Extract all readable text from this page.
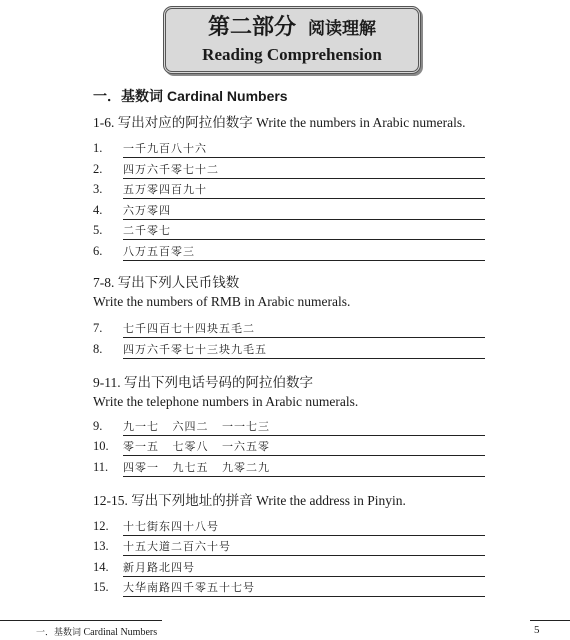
第二部分 阅读理解
Reading Comprehension
一．基数词 Cardinal Numbers
1-6. 写出对应的阿拉伯数字 Write the numbers in Arabic numerals.
1. 一千九百八十六
2. 四万六千零七十二
3. 五万零四百九十
4. 六万零四
5. 二千零七
6. 八万五百零三
7-8. 写出下列人民币钱数
Write the numbers of RMB in Arabic numerals.
7. 七千四百七十四块五毛二
8. 四万六千零七十三块九毛五
9-11. 写出下列电话号码的阿拉伯数字
Write the telephone numbers in Arabic numerals.
9. 九一七   六四二   一一七三
10. 零一五   七零八   一六五零
11. 四零一   九七五   九零二九
12-15. 写出下列地址的拼音 Write the address in Pinyin.
12. 十七街东四十八号
13. 十五大道二百六十号
14. 新月路北四号
15. 大华南路四千零五十七号
一．基数词 Cardinal Numbers	5
